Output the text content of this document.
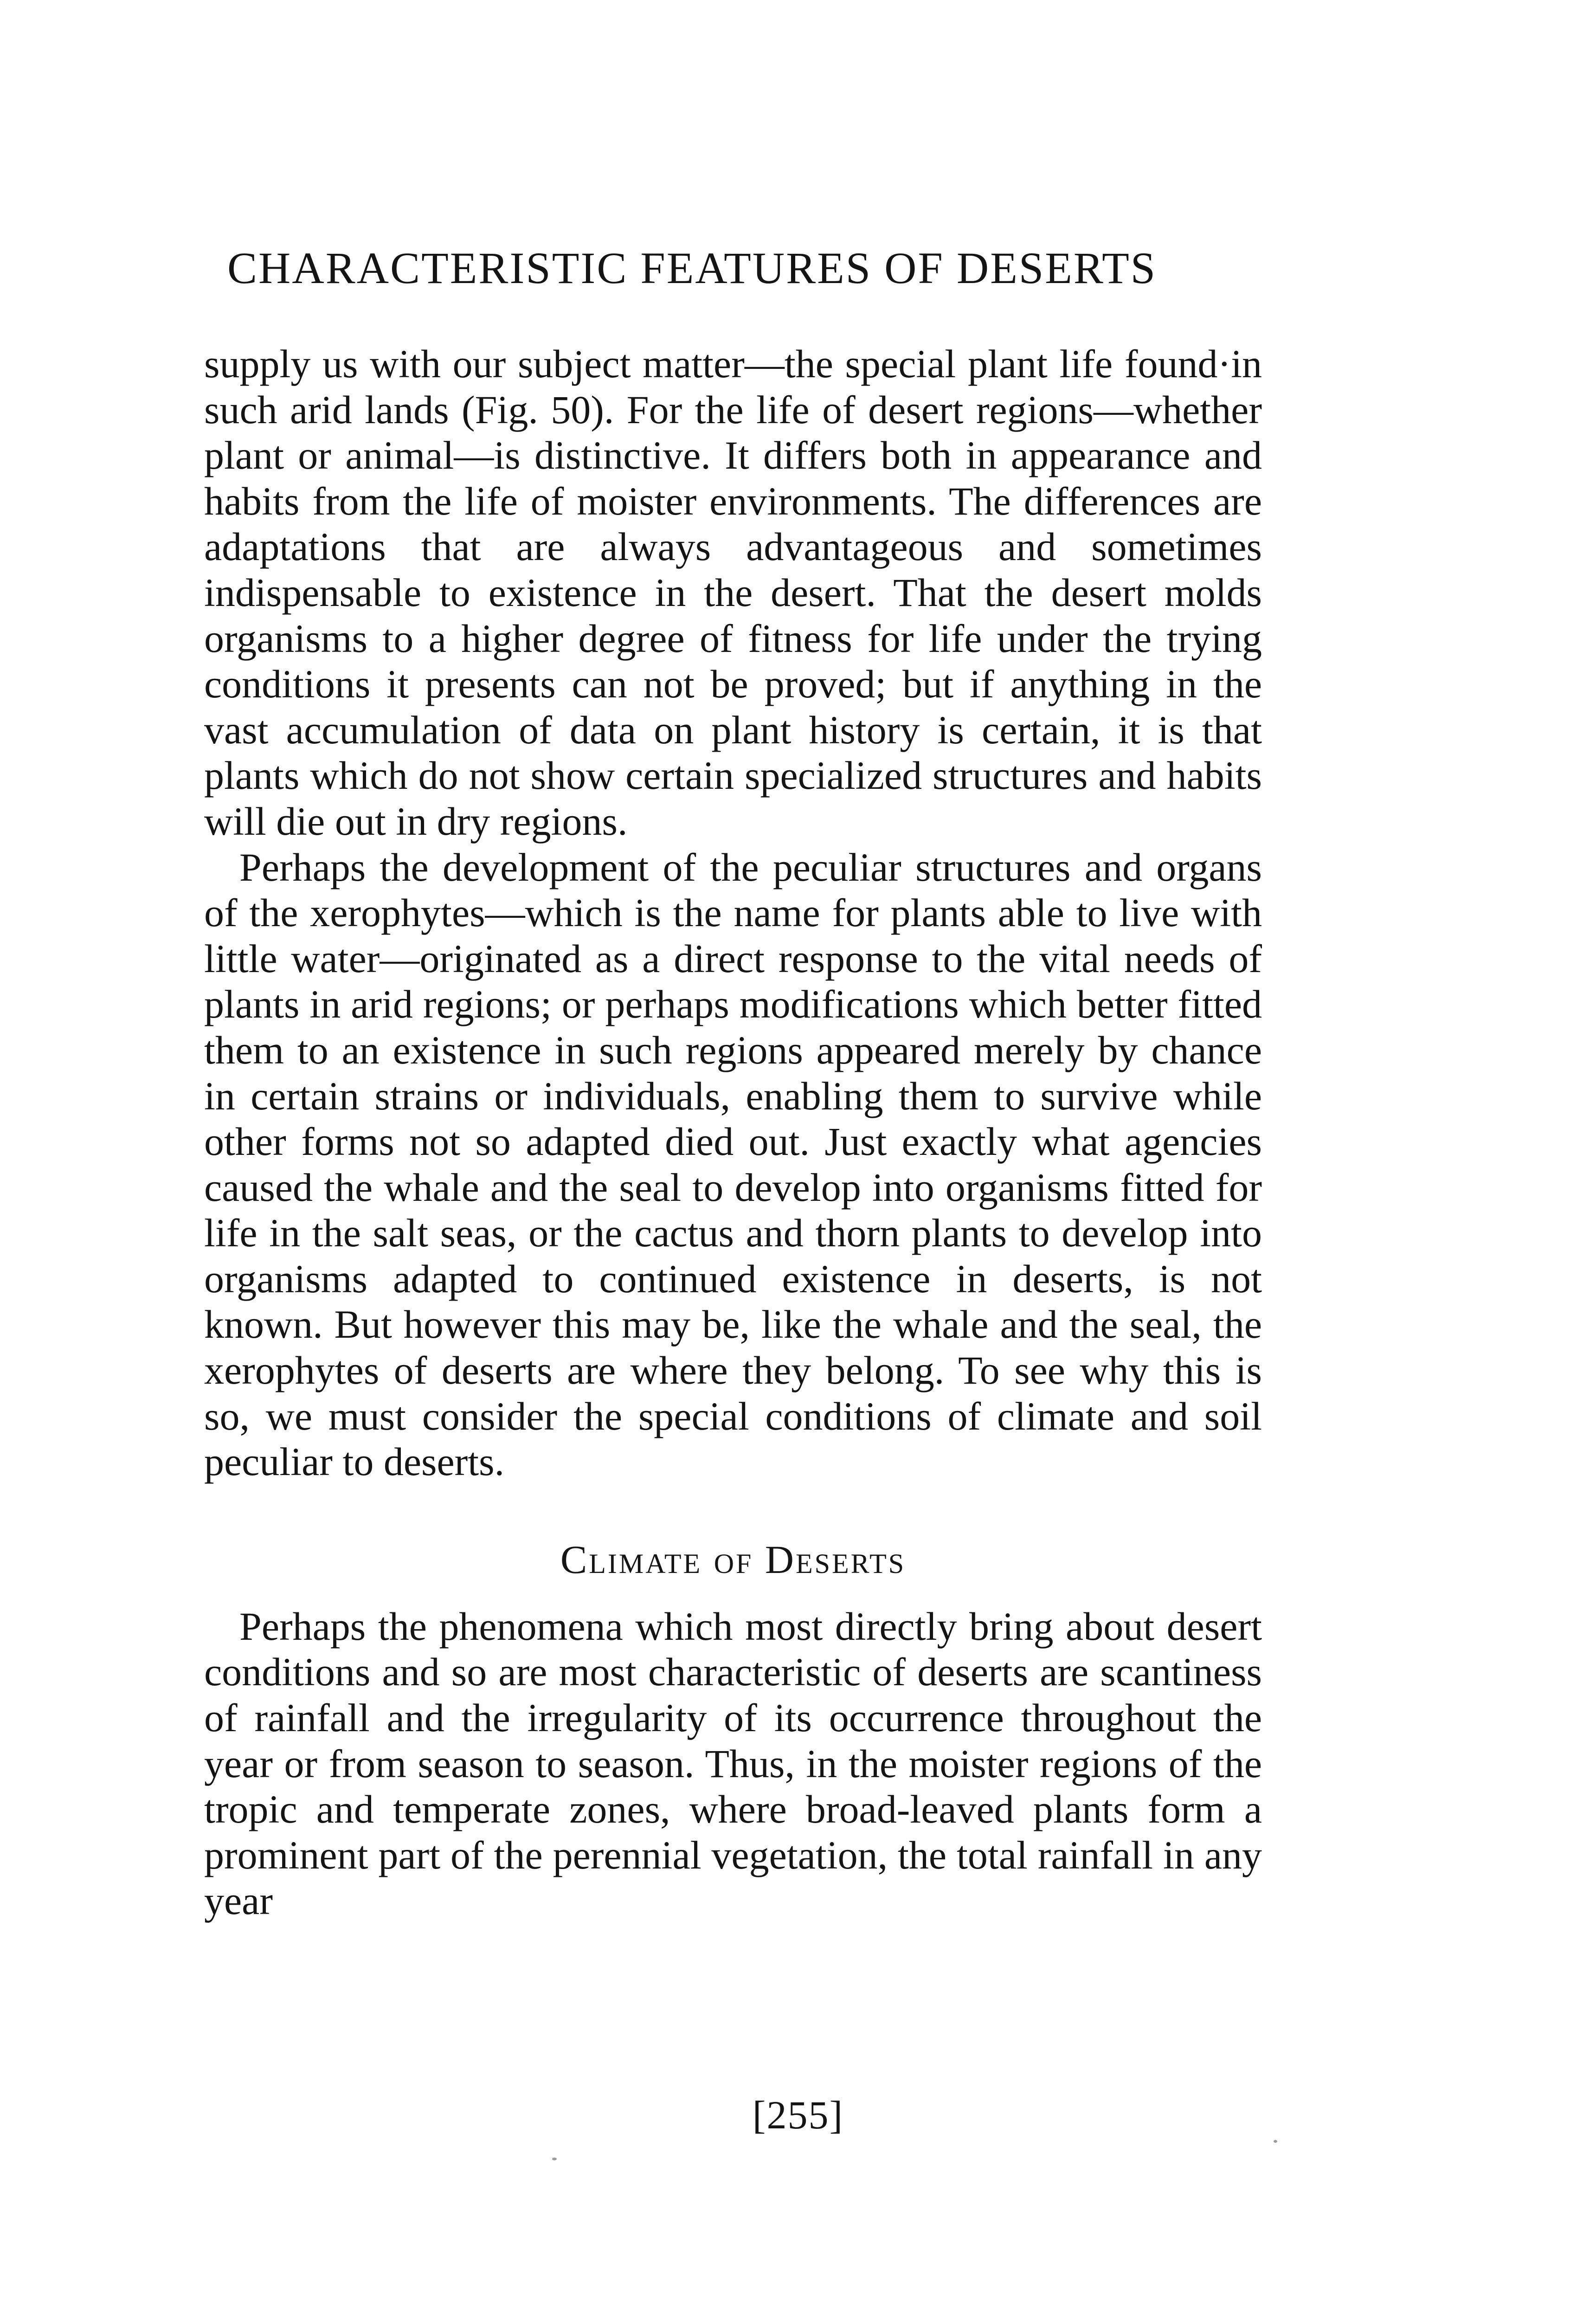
CHARACTERISTIC FEATURES OF DESERTS

supply us with our subject matter—the special plant life found·in such arid lands (Fig. 50). For the life of desert regions—whether plant or animal—is distinctive. It differs both in appearance and habits from the life of moister environments. The differences are adaptations that are always advantageous and sometimes indispensable to existence in the desert. That the desert molds organisms to a higher degree of fitness for life under the trying conditions it presents can not be proved; but if anything in the vast accumulation of data on plant history is certain, it is that plants which do not show certain specialized structures and habits will die out in dry regions.

Perhaps the development of the peculiar structures and organs of the xerophytes—which is the name for plants able to live with little water—originated as a direct response to the vital needs of plants in arid regions; or perhaps modifications which better fitted them to an existence in such regions appeared merely by chance in certain strains or individuals, enabling them to survive while other forms not so adapted died out. Just exactly what agencies caused the whale and the seal to develop into organisms fitted for life in the salt seas, or the cactus and thorn plants to develop into organisms adapted to continued existence in deserts, is not known. But however this may be, like the whale and the seal, the xerophytes of deserts are where they belong. To see why this is so, we must consider the special conditions of climate and soil peculiar to deserts.

Climate of Deserts

Perhaps the phenomena which most directly bring about desert conditions and so are most characteristic of deserts are scantiness of rainfall and the irregularity of its occurrence throughout the year or from season to season. Thus, in the moister regions of the tropic and temperate zones, where broad-leaved plants form a prominent part of the perennial vegetation, the total rainfall in any year

[255]
